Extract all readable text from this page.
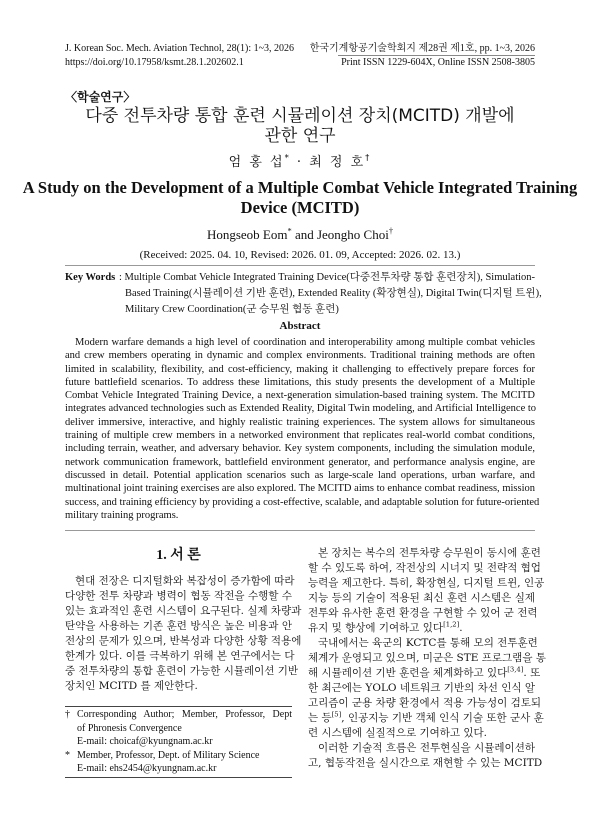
J. Korean Soc. Mech. Aviation Technol, 28(1): 1~3, 2026 한국기계항공기술학회지 제28권 제1호, pp. 1~3, 2026
https://doi.org/10.17958/ksmt.28.1.202602.1	Print ISSN 1229-604X, Online ISSN 2508-3805
〈학술연구〉
다중 전투차량 통합 훈련 시뮬레이션 장치(MCITD) 개발에
관한 연구
엄 홍 섭* · 최 정 호†
A Study on the Development of a Multiple Combat Vehicle Integrated Training
Device (MCITD)
Hongseob Eom* and Jeongho Choi†
(Received: 2025. 04. 10, Revised: 2026. 01. 09, Accepted: 2026. 02. 13.)
Key Words : Multiple Combat Vehicle Integrated Training Device(다중전투차량 통합 훈련장치), Simulation-
Based Training(시뮬레이션 기반 훈련), Extended Reality (확장현실), Digital Twin(디지털 트윈),
Military Crew Coordination(군 승무원 협동 훈련)
Abstract
Modern warfare demands a high level of coordination and interoperability among multiple combat vehicles
and crew members operating in dynamic and complex environments. Traditional training methods are often
limited in scalability, flexibility, and cost-efficiency, making it challenging to effectively prepare forces for
future battlefield scenarios. To address these limitations, this study presents the development of a Multiple
Combat Vehicle Integrated Training Device, a next-generation simulation-based training system. The MCITD
integrates advanced technologies such as Extended Reality, Digital Twin modeling, and Artificial Intelligence to
deliver immersive, interactive, and highly realistic training experiences. The system allows for simultaneous
training of multiple crew members in a networked environment that replicates real-world combat conditions,
including terrain, weather, and adversary behavior. Key system components, including the simulation module,
network communication framework, battlefield environment generator, and performance analysis engine, are
discussed in detail. Potential application scenarios such as large-scale land operations, urban warfare, and
multinational joint training exercises are also explored. The MCITD aims to enhance combat readiness, mission
success, and training efficiency by providing a cost-effective, scalable, and adaptable solution for future-oriented
military training programs.
1. 서 론
현대 전장은 디지털화와 복잡성이 증가함에 따라
다양한 전투 차량과 병력이 협동 작전을 수행할 수
있는 효과적인 훈련 시스템이 요구된다. 실제 차량과
탄약을 사용하는 기존 훈련 방식은 높은 비용과 안
전상의 문제가 있으며, 반복성과 다양한 상황 적용에
한계가 있다. 이를 극복하기 위해 본 연구에서는 다
중 전투차량의 통합 훈련이 가능한 시뮬레이션 기반
장치인 MCITD 를 제안한다.
† Corresponding Author; Member, Professor, Dept
of Phronesis Convergence
E-mail: choicaf@kyungnam.ac.kr
* Member, Professor, Dept. of Military Science
E-mail: ehs2454@kyungnam.ac.kr
본 장치는 복수의 전투차량 승무원이 동시에 훈련
할 수 있도록 하여, 작전상의 시너지 및 전략적 협업
능력을 제고한다. 특히, 확장현실, 디지털 트윈, 인공
지능 등의 기술이 적용된 최신 훈련 시스템은 실제
전투와 유사한 훈련 환경을 구현할 수 있어 군 전력
유지 및 향상에 기여하고 있다[1,2].
국내에서는 육군의 KCTC를 통해 모의 전투훈련
체계가 운영되고 있으며, 미군은 STE 프로그램을 통
해 시뮬레이션 기반 훈련을 체계화하고 있다[3,4]. 또
한 최근에는 YOLO 네트워크 기반의 차선 인식 알
고리즘이 군용 차량 환경에서 적용 가능성이 검토되
는 등[5], 인공지능 기반 객체 인식 기술 또한 군사 훈
련 시스템에 실질적으로 기여하고 있다.
이러한 기술적 흐름은 전투현실을 시뮬레이션하
고, 협동작전을 실시간으로 재현할 수 있는 MCITD
